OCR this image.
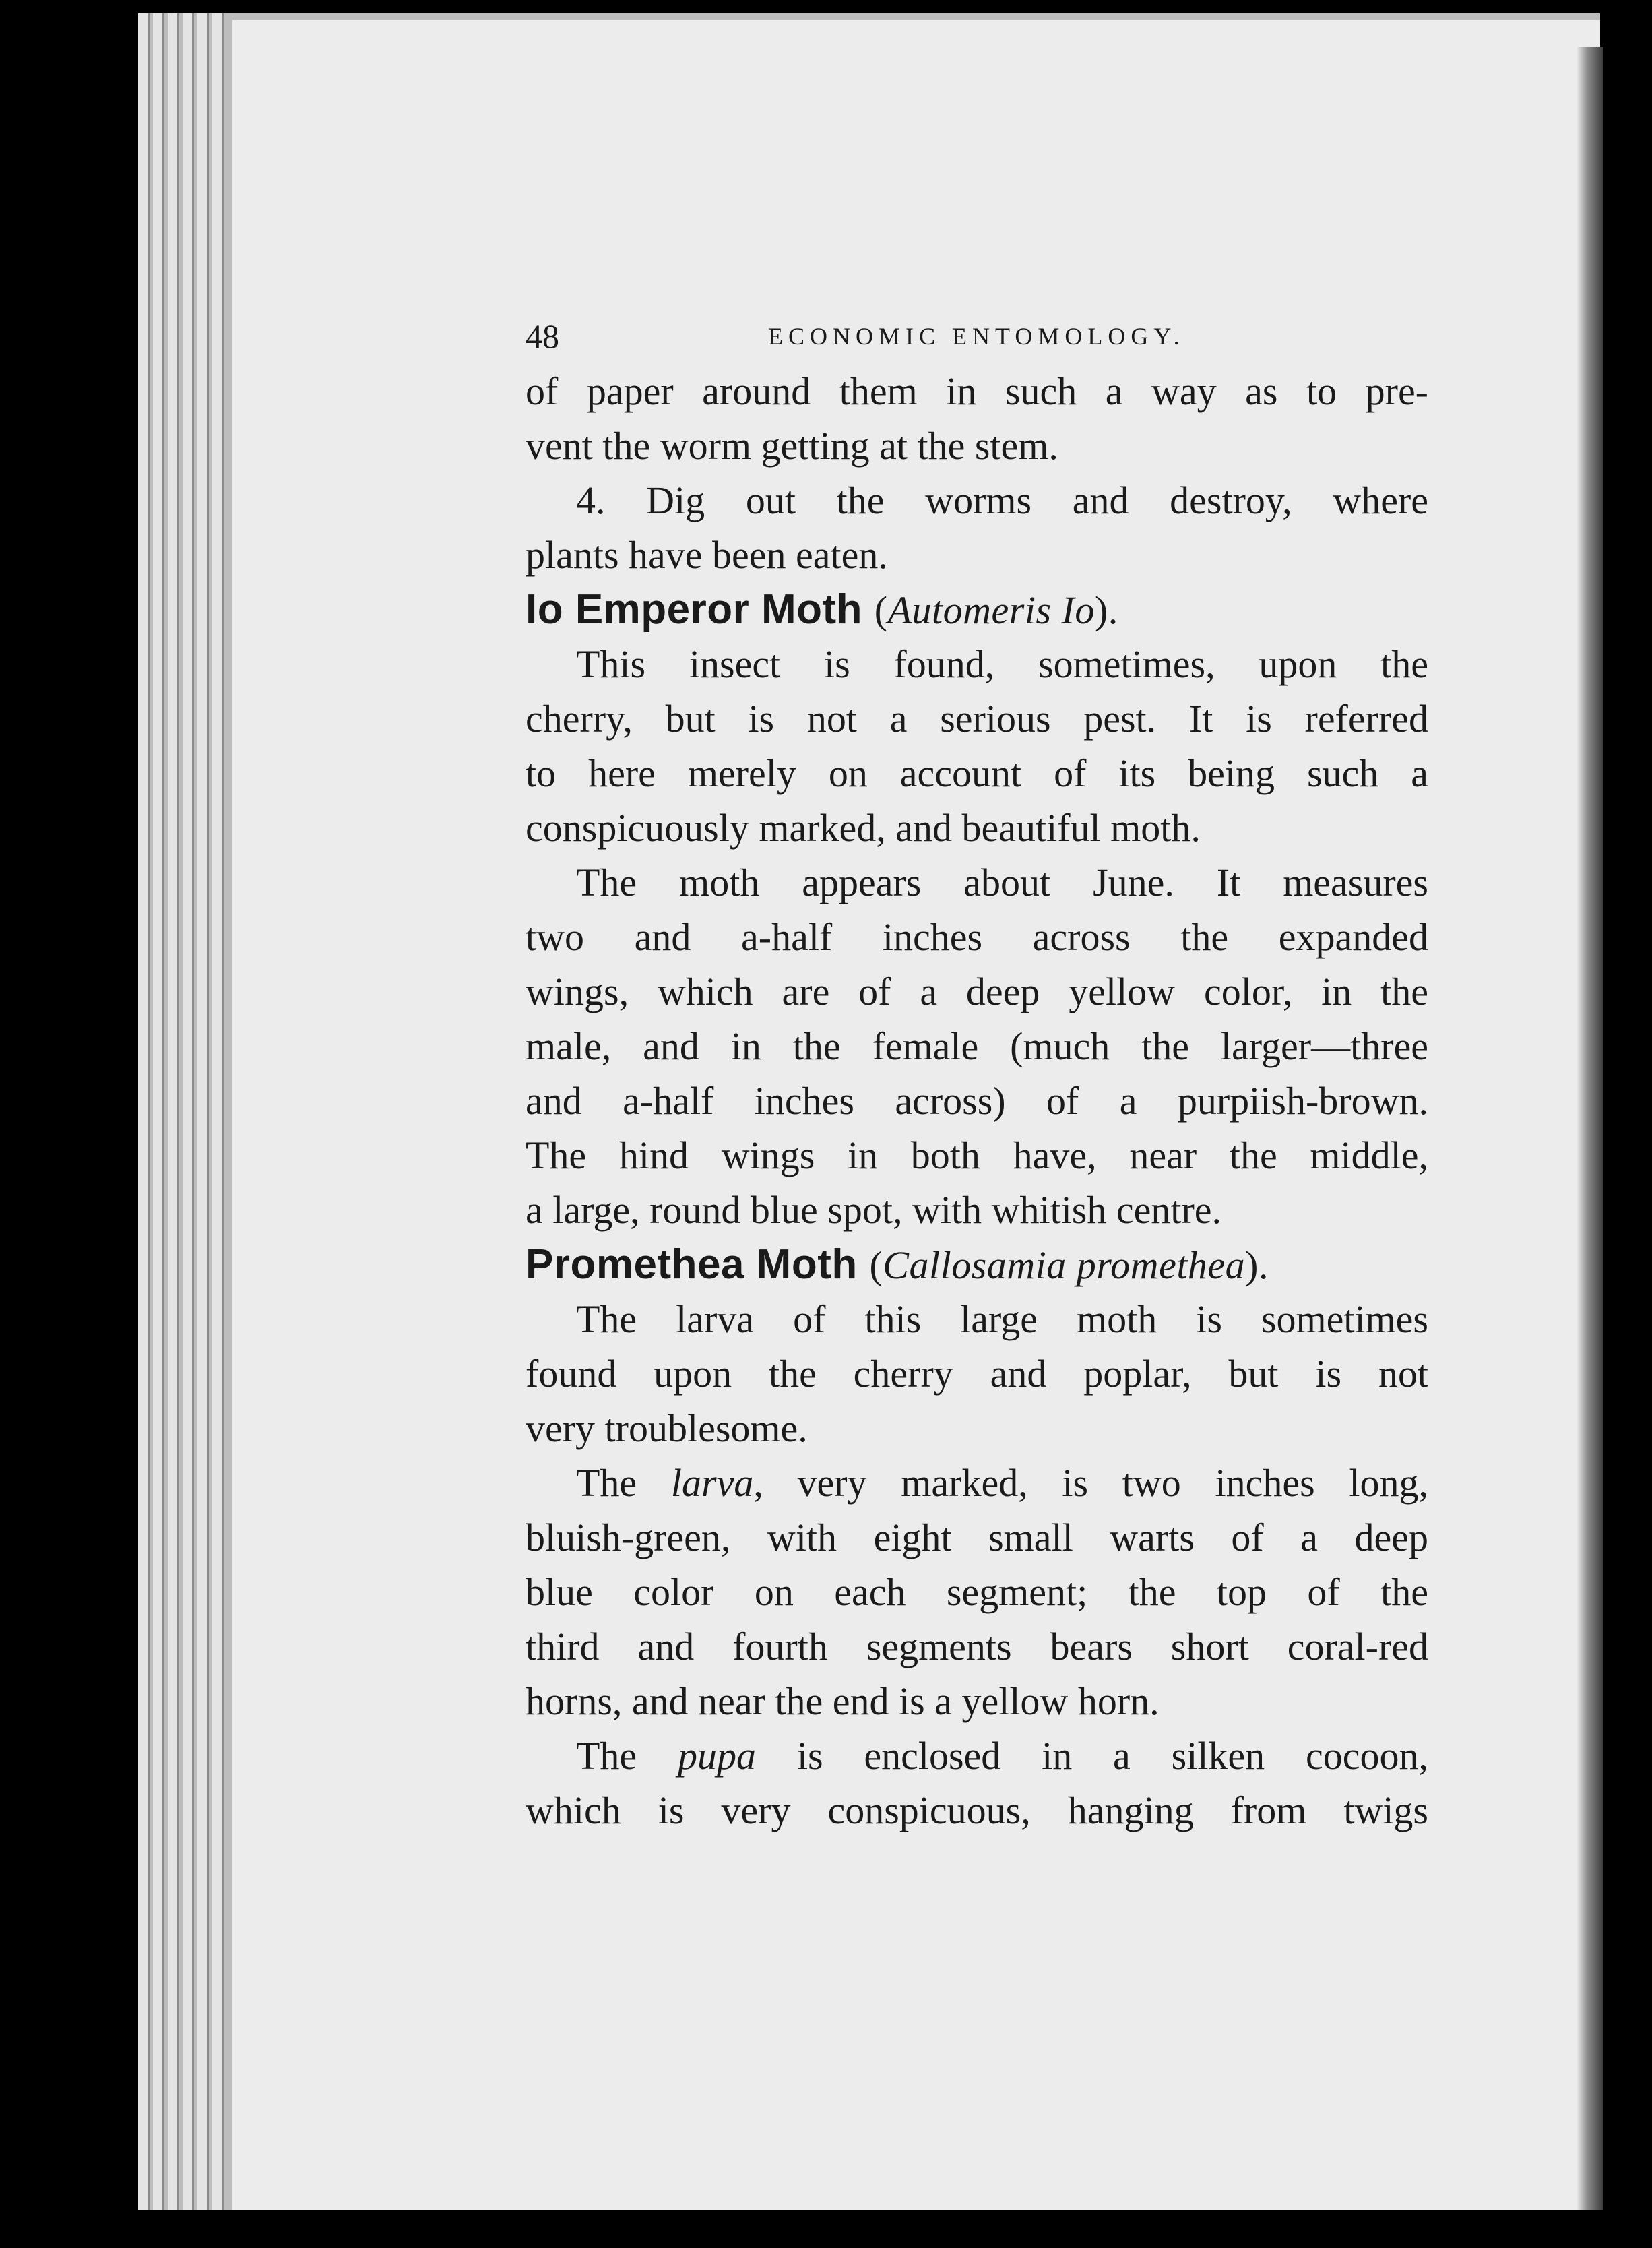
48	ECONOMIC ENTOMOLOGY.
of paper around them in such a way as to pre-
vent the worm getting at the stem.
4. Dig out the worms and destroy, where
plants have been eaten.
Io Emperor Moth (Automeris Io).
This insect is found, sometimes, upon the
cherry, but is not a serious pest. It is referred
to here merely on account of its being such a
conspicuously marked, and beautiful moth.
The moth appears about June. It measures
two and a-half inches across the expanded
wings, which are of a deep yellow color, in the
male, and in the female (much the larger—three
and a-half inches across) of a purpiish-brown.
The hind wings in both have, near the middle,
a large, round blue spot, with whitish centre.
Promethea Moth (Callosamia promethea).
The larva of this large moth is sometimes
found upon the cherry and poplar, but is not
very troublesome.
The larva, very marked, is two inches long,
bluish-green, with eight small warts of a deep
blue color on each segment; the top of the
third and fourth segments bears short coral-red
horns, and near the end is a yellow horn.
The pupa is enclosed in a silken cocoon,
which is very conspicuous, hanging from twigs
